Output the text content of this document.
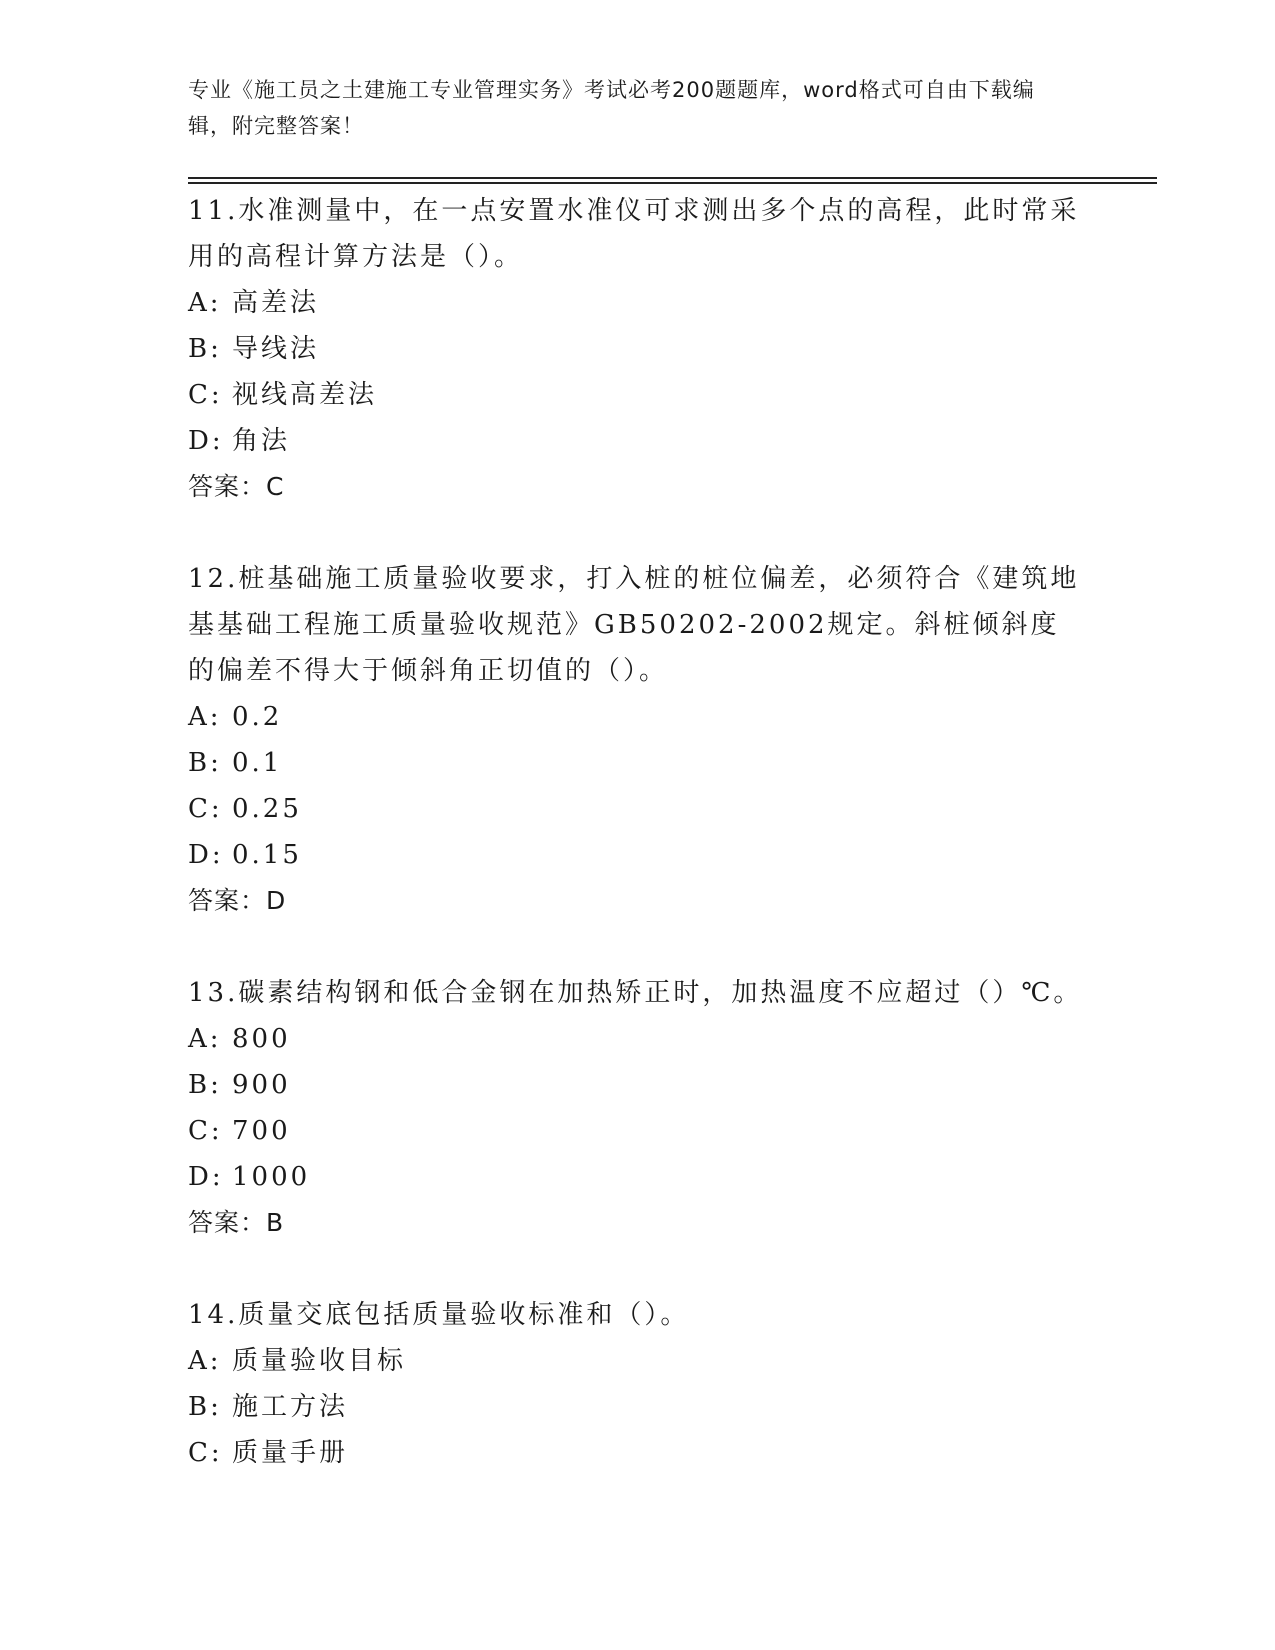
专业《施工员之土建施工专业管理实务》考试必考200题题库，word格式可自由下载编辑，附完整答案！

11.水准测量中，在一点安置水准仪可求测出多个点的高程，此时常采用的高程计算方法是（）。

A: 高差法
B: 导线法
C: 视线高差法
D: 角法
答案：C

12.桩基础施工质量验收要求，打入桩的桩位偏差，必须符合《建筑地基基础工程施工质量验收规范》GB50202-2002规定。斜桩倾斜度的偏差不得大于倾斜角正切值的（）。

A: 0.2
B: 0.1
C: 0.25
D: 0.15
答案：D

13.碳素结构钢和低合金钢在加热矫正时，加热温度不应超过（）℃。

A: 800
B: 900
C: 700
D: 1000
答案：B

14.质量交底包括质量验收标准和（）。

A: 质量验收目标
B: 施工方法
C: 质量手册
